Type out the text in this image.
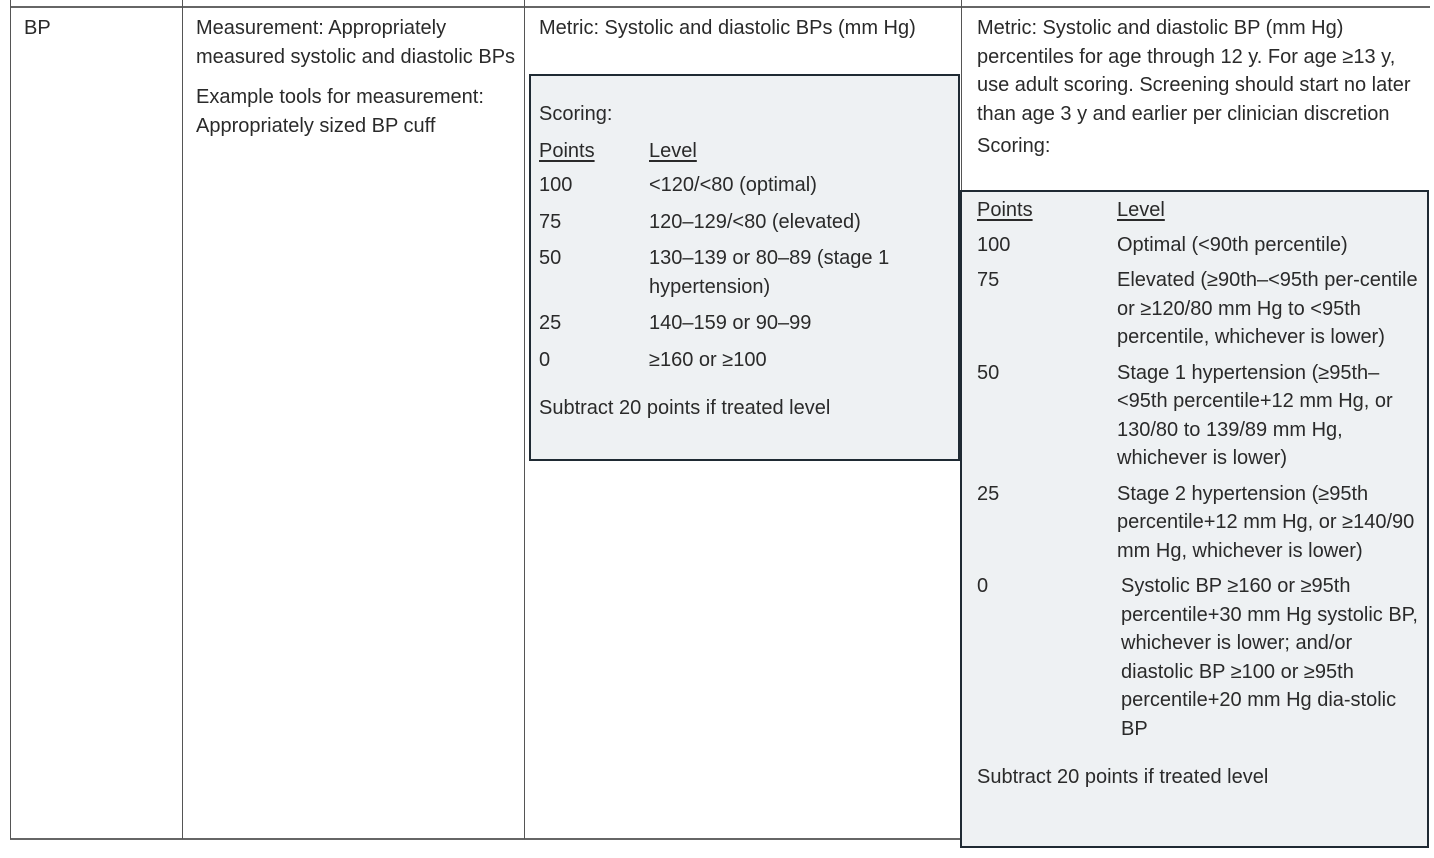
BP	Measurement: Appropriately measured systolic and diastolic BPs

Example tools for measurement: Appropriately sized BP cuff

Metric: Systolic and diastolic BPs (mm Hg)

Scoring:

Points	Level
100	<120/<80 (optimal)
75	120–129/<80 (elevated)
50	130–139 or 80–89 (stage 1 hypertension)
25	140–159 or 90–99
0	≥160 or ≥100

Subtract 20 points if treated level

Metric: Systolic and diastolic BP (mm Hg) percentiles for age through 12 y. For age ≥13 y, use adult scoring. Screening should start no later than age 3 y and earlier per clinician discretion

Scoring:

Points	Level
100	Optimal (<90th percentile)
75	Elevated (≥90th–<95th per-centile or ≥120/80 mm Hg to <95th percentile, whichever is lower)
50	Stage 1 hypertension (≥95th–<95th percentile+12 mm Hg, or 130/80 to 139/89 mm Hg, whichever is lower)
25	Stage 2 hypertension (≥95th percentile+12 mm Hg, or ≥140/90 mm Hg, whichever is lower)
0	Systolic BP ≥160 or ≥95th percentile+30 mm Hg systolic BP, whichever is lower; and/or diastolic BP ≥100 or ≥95th percentile+20 mm Hg dia-stolic BP

Subtract 20 points if treated level
